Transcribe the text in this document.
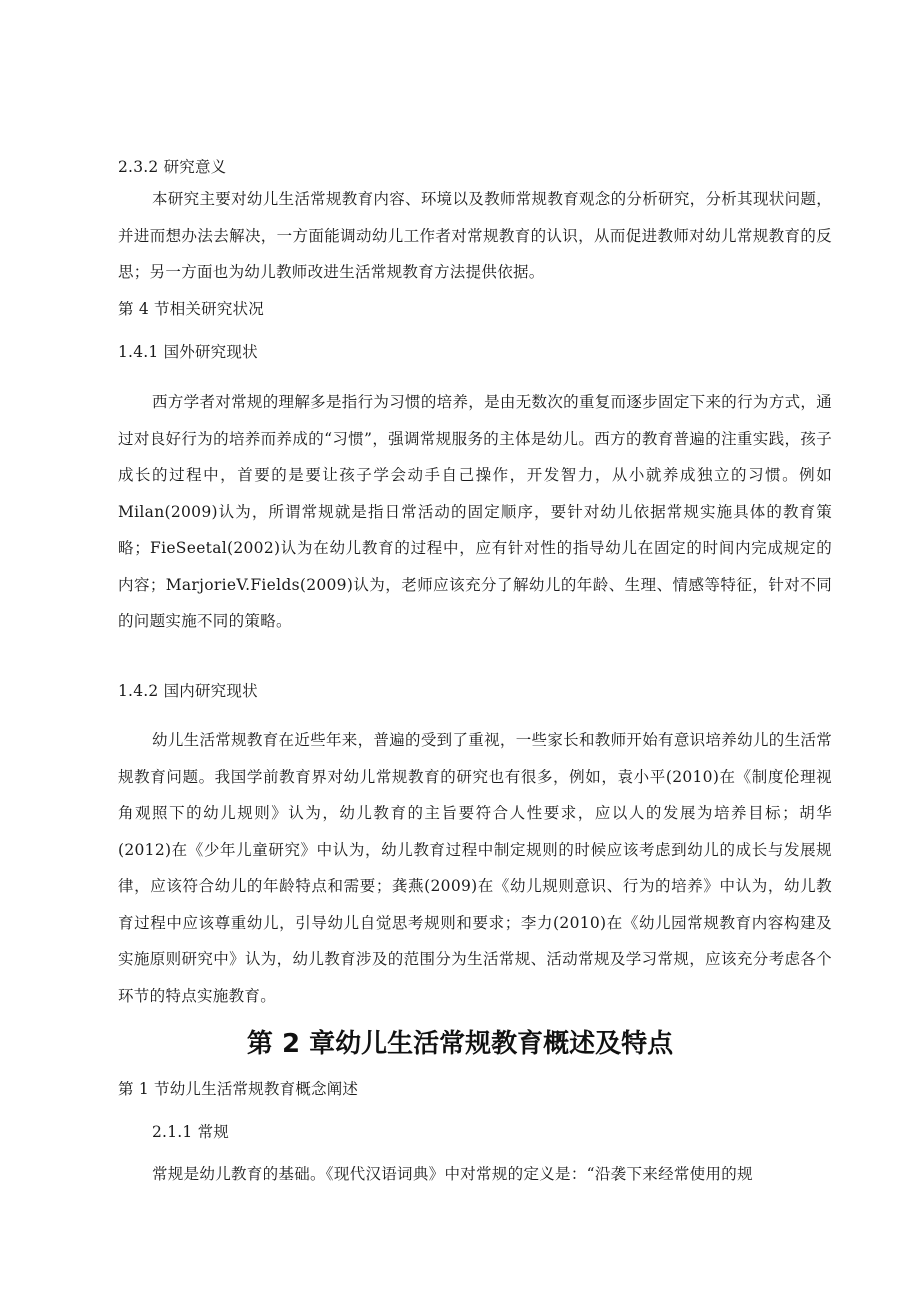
2.3.2 研究意义
本研究主要对幼儿生活常规教育内容、环境以及教师常规教育观念的分析研究，分析其现状问题，并进而想办法去解决，一方面能调动幼儿工作者对常规教育的认识，从而促进教师对幼儿常规教育的反思；另一方面也为幼儿教师改进生活常规教育方法提供依据。
第 4 节相关研究状况
1.4.1 国外研究现状
西方学者对常规的理解多是指行为习惯的培养，是由无数次的重复而逐步固定下来的行为方式，通过对良好行为的培养而养成的“习惯”，强调常规服务的主体是幼儿。西方的教育普遍的注重实践，孩子成长的过程中，首要的是要让孩子学会动手自己操作，开发智力，从小就养成独立的习惯。例如 Milan(2009)认为，所谓常规就是指日常活动的固定顺序，要针对幼儿依据常规实施具体的教育策略；FieSeetal(2002)认为在幼儿教育的过程中，应有针对性的指导幼儿在固定的时间内完成规定的内容；MarjorieV.Fields(2009)认为，老师应该充分了解幼儿的年龄、生理、情感等特征，针对不同的问题实施不同的策略。
1.4.2 国内研究现状
幼儿生活常规教育在近些年来，普遍的受到了重视，一些家长和教师开始有意识培养幼儿的生活常规教育问题。我国学前教育界对幼儿常规教育的研究也有很多，例如，袁小平(2010)在《制度伦理视角观照下的幼儿规则》认为，幼儿教育的主旨要符合人性要求，应以人的发展为培养目标；胡华(2012)在《少年儿童研究》中认为，幼儿教育过程中制定规则的时候应该考虑到幼儿的成长与发展规律，应该符合幼儿的年龄特点和需要；龚燕(2009)在《幼儿规则意识、行为的培养》中认为，幼儿教育过程中应该尊重幼儿，引导幼儿自觉思考规则和要求；李力(2010)在《幼儿园常规教育内容构建及实施原则研究中》认为，幼儿教育涉及的范围分为生活常规、活动常规及学习常规，应该充分考虑各个环节的特点实施教育。
第 2 章幼儿生活常规教育概述及特点
第 1 节幼儿生活常规教育概念阐述
2.1.1 常规
常规是幼儿教育的基础。《现代汉语词典》中对常规的定义是：“沿袭下来经常使用的规
